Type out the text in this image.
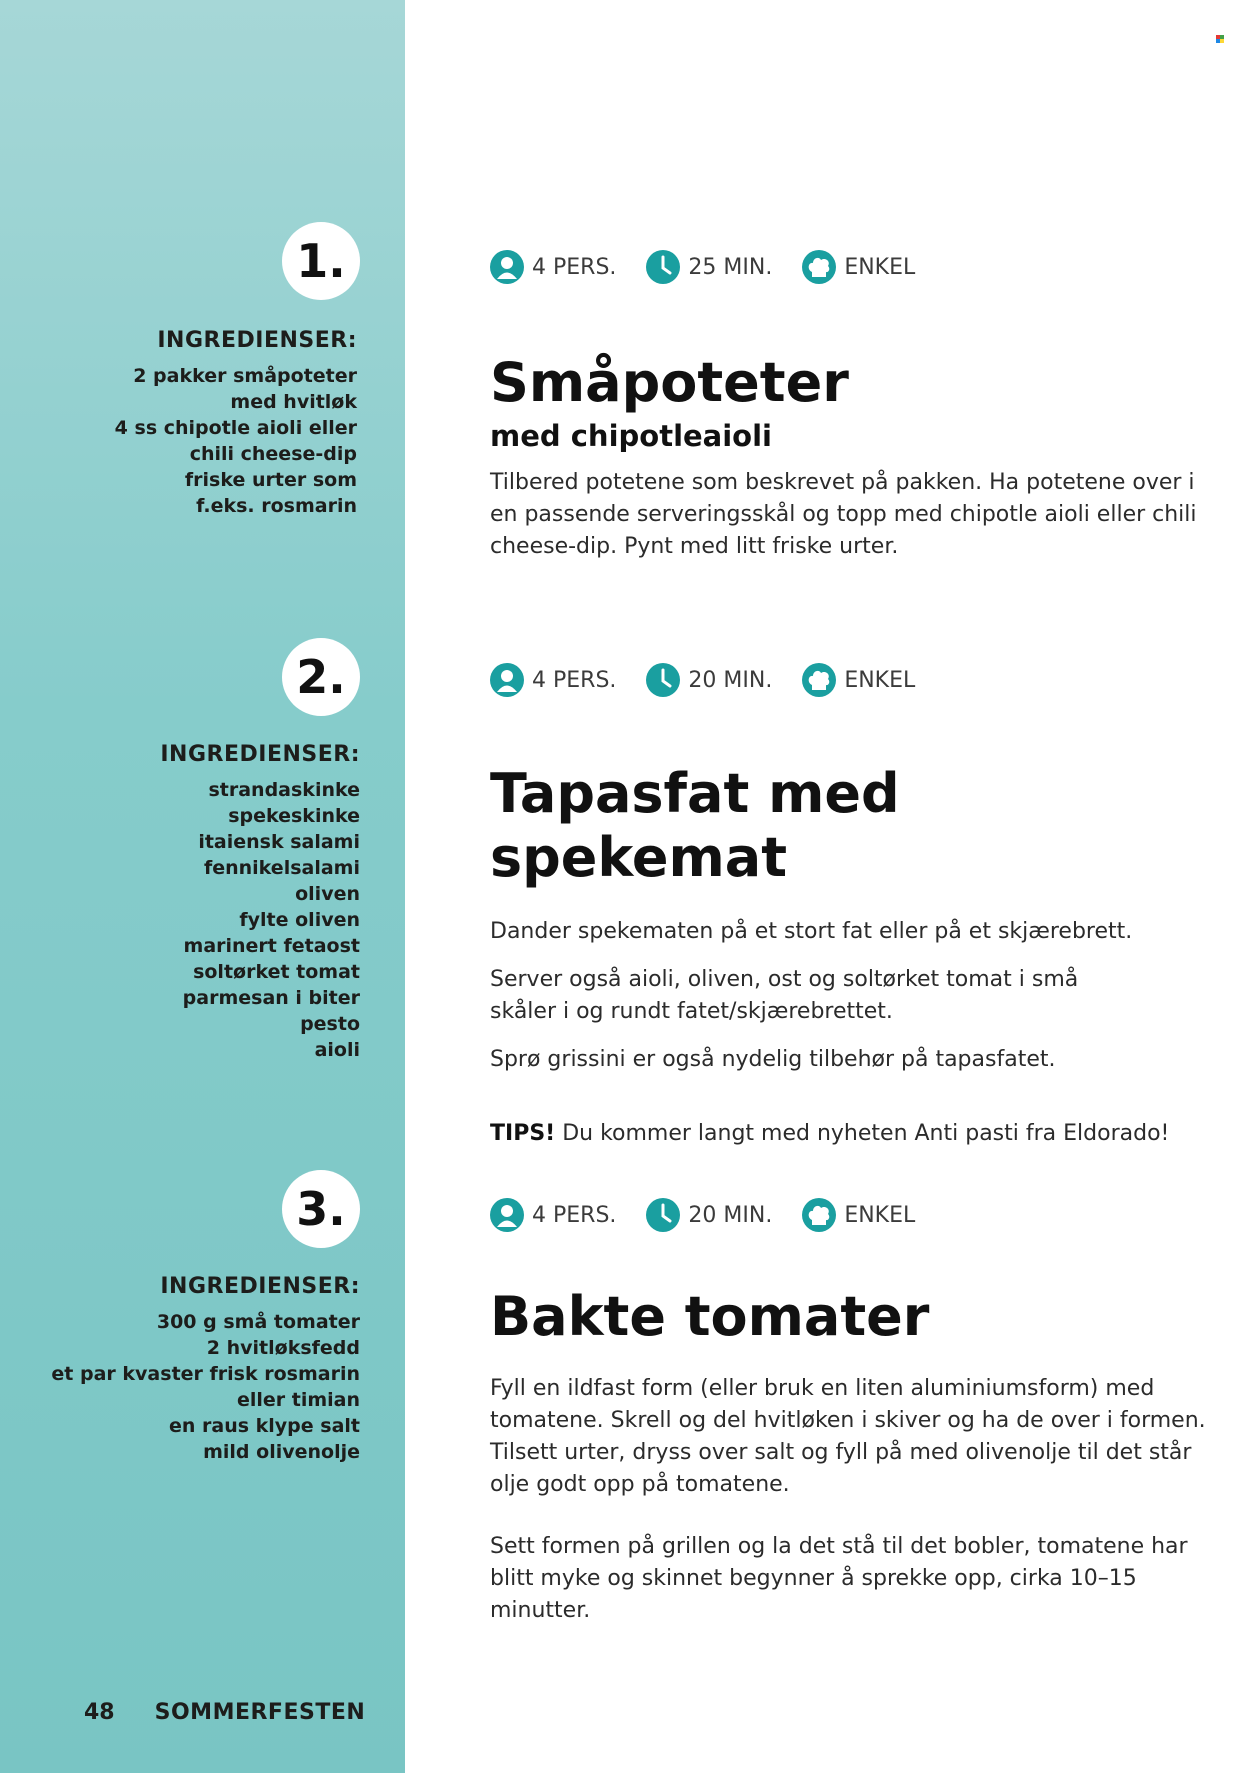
1.
INGREDIENSER:
2 pakker småpoteter
med hvitløk
4 ss chipotle aioli eller
chili cheese-dip
friske urter som
f.eks. rosmarin
2.
INGREDIENSER:
strandaskinke
spekeskinke
itaiensk salami
fennikelsalami
oliven
fylte oliven
marinert fetaost
soltørket tomat
parmesan i biter
pesto
aioli
3.
INGREDIENSER:
300 g små tomater
2 hvitløksfedd
et par kvaster frisk rosmarin
eller timian
en raus klype salt
mild olivenolje
48 SOMMERFESTEN
4 PERS.	25 MIN.	ENKEL
Småpoteter
med chipotleaioli

Tilbered potetene som beskrevet på pakken. Ha potetene over i en passende serveringsskål og topp med chipotle aioli eller chili cheese-dip. Pynt med litt friske urter.

4 PERS.	20 MIN.	ENKEL
Tapasfat med spekemat

Dander spekematen på et stort fat eller på et skjærebrett.

Server også aioli, oliven, ost og soltørket tomat i små skåler i og rundt fatet/skjærebrettet.

Sprø grissini er også nydelig tilbehør på tapasfatet.

TIPS! Du kommer langt med nyheten Anti pasti fra Eldorado!

4 PERS.	20 MIN.	ENKEL
Bakte tomater

Fyll en ildfast form (eller bruk en liten aluminiumsform) med tomatene. Skrell og del hvitløken i skiver og ha de over i formen. Tilsett urter, dryss over salt og fyll på med olivenolje til det står olje godt opp på tomatene.

Sett formen på grillen og la det stå til det bobler, tomatene har blitt myke og skinnet begynner å sprekke opp, cirka 10–15 minutter.
